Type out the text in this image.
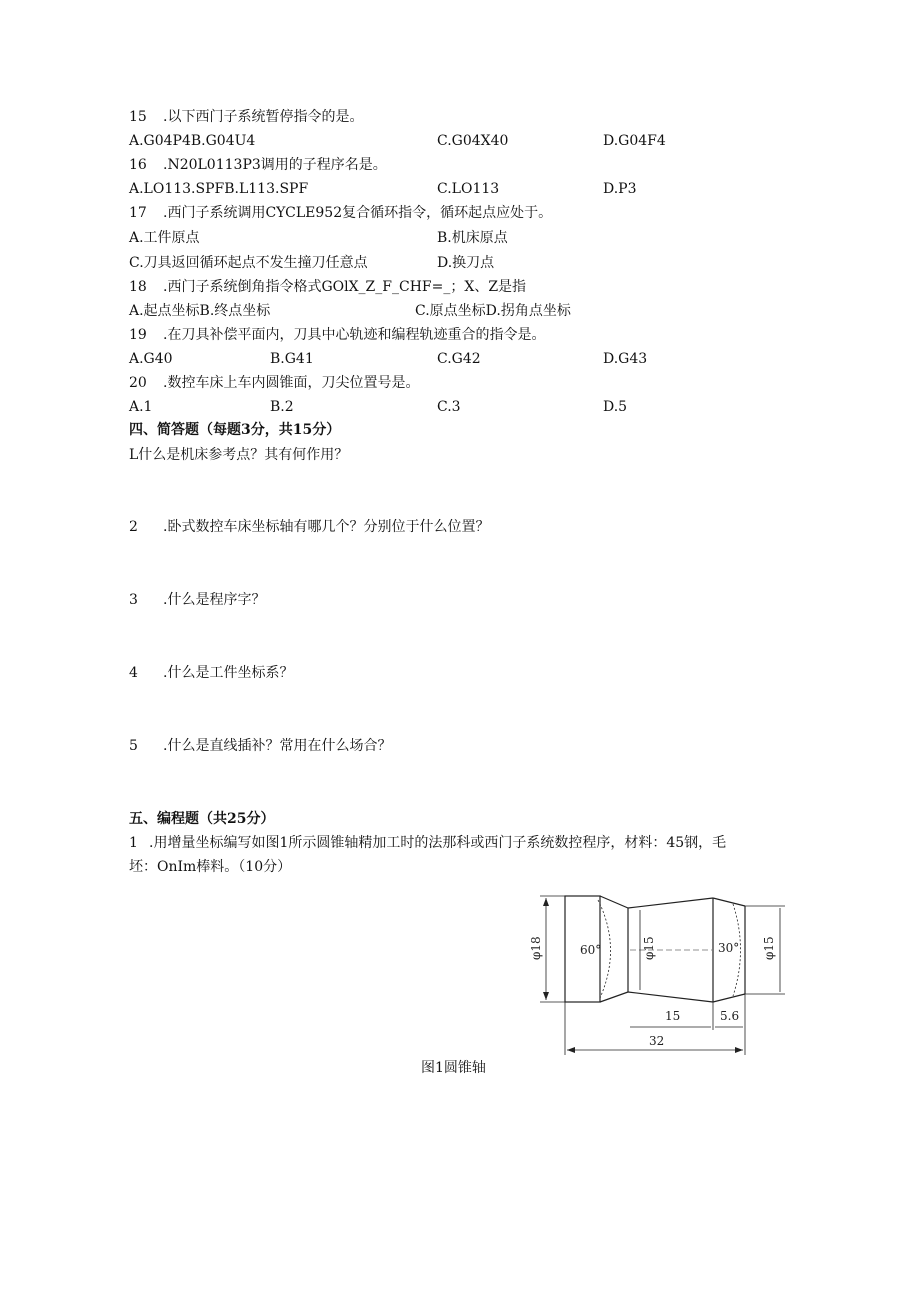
15 .以下西门子系统暂停指令的是。
A.G04P4B.G04U4	C.G04X40	D.G04F4
16 .N20L0113P3调用的子程序名是。
A.LO113.SPFB.L113.SPF	C.LO113	D.P3
17 .西门子系统调用CYCLE952复合循环指令，循环起点应处于。
A.工件原点	B.机床原点
C.刀具返回循环起点不发生撞刀任意点	D.换刀点
18 .西门子系统倒角指令格式GOlX_Z_F_CHF=_；X、Z是指
A.起点坐标B.终点坐标	C.原点坐标D.拐角点坐标
19 .在刀具补偿平面内，刀具中心轨迹和编程轨迹重合的指令是。
A.G40	B.G41	C.G42	D.G43
20 .数控车床上车内圆锥面，刀尖位置号是。
A.1	B.2	C.3	D.5
四、简答题（每题3分，共15分）
L什么是机床参考点？其有何作用？
2 .卧式数控车床坐标轴有哪几个？分别位于什么位置？
3 .什么是程序字？
4 .什么是工件坐标系？
5 .什么是直线插补？常用在什么场合？
五、编程题（共25分）
1 .用增量坐标编写如图1所示圆锥轴精加工时的法那科或西门子系统数控程序，材料：45钢，毛
坯：OnIm棒料。（10分）
φ18	60°	φ15	30° φ15
15	5.6
32
图1圆锥轴
